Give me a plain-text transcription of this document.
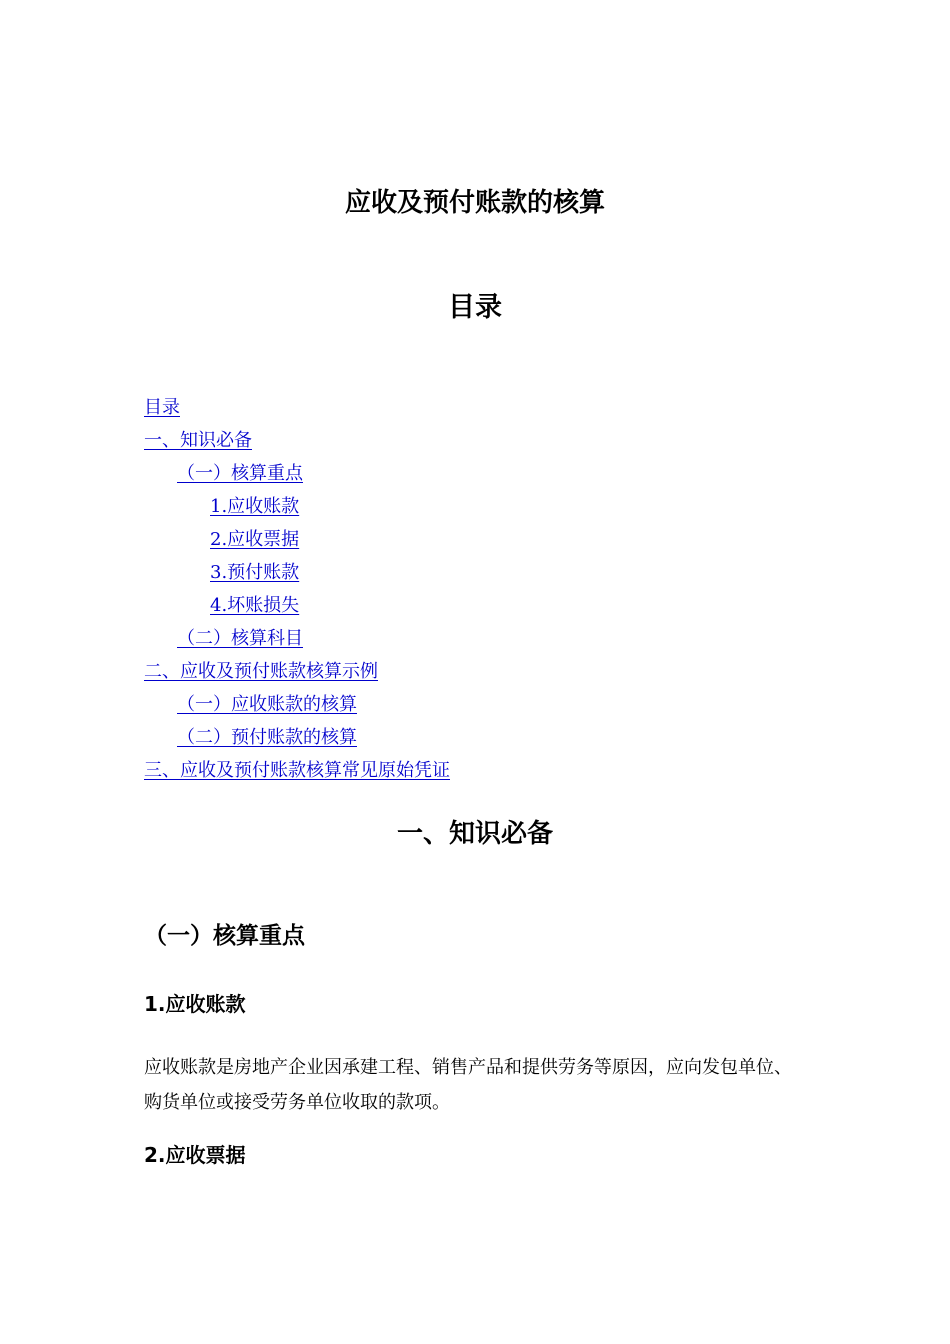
应收及预付账款的核算
目录
目录
一、知识必备
（一）核算重点
1.应收账款
2.应收票据
3.预付账款
4.坏账损失
（二）核算科目
二、应收及预付账款核算示例
（一）应收账款的核算
（二）预付账款的核算
三、应收及预付账款核算常见原始凭证
一、知识必备
（一）核算重点
1.应收账款

应收账款是房地产企业因承建工程、销售产品和提供劳务等原因，应向发包单位、购货单位或接受劳务单位收取的款项。

2.应收票据
